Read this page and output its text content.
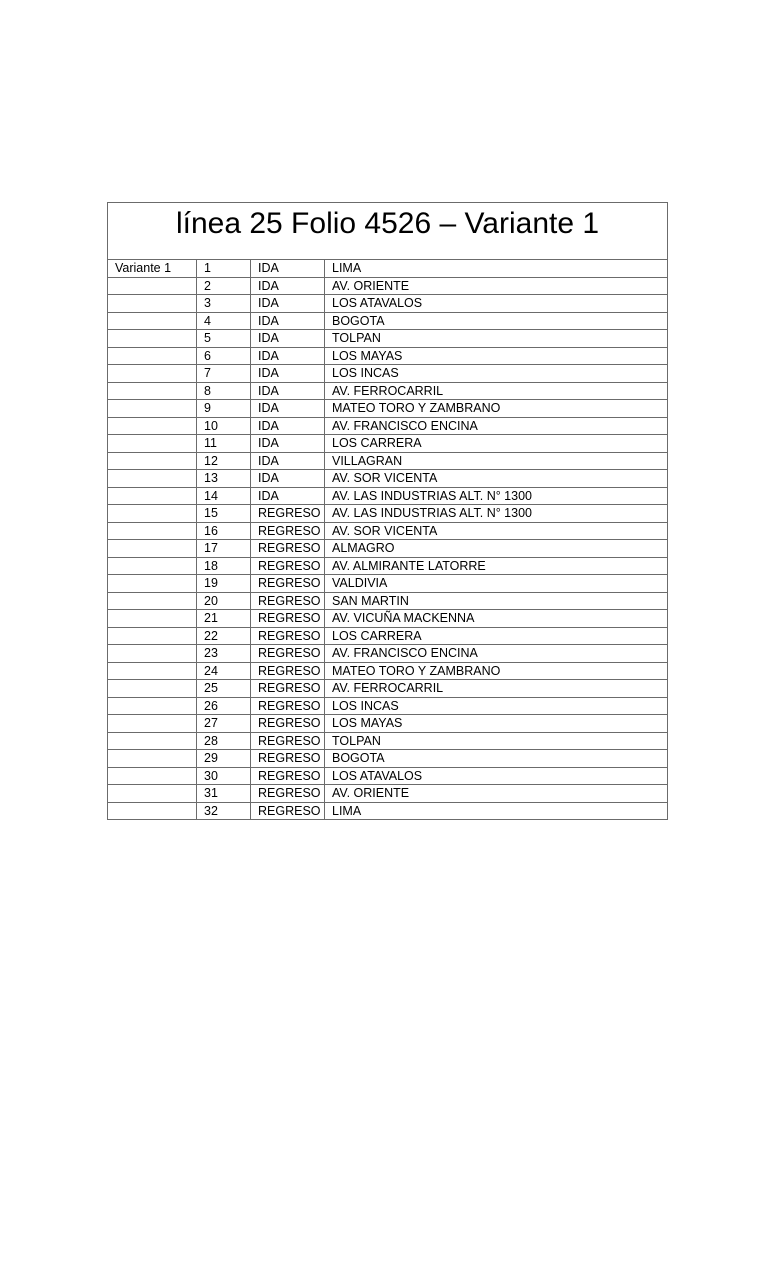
línea 25 Folio 4526 – Variante 1			

Variante 1	1	IDA	LIMA
	2	IDA	AV. ORIENTE
	3	IDA	LOS ATAVALOS
	4	IDA	BOGOTA
	5	IDA	TOLPAN
	6	IDA	LOS MAYAS
	7	IDA	LOS INCAS
	8	IDA	AV. FERROCARRIL
	9	IDA	MATEO TORO Y ZAMBRANO
	10	IDA	AV. FRANCISCO ENCINA
	11	IDA	LOS CARRERA
	12	IDA	VILLAGRAN
	13	IDA	AV. SOR VICENTA
	14	IDA	AV. LAS INDUSTRIAS ALT. N° 1300
	15	REGRESO	AV. LAS INDUSTRIAS ALT. N° 1300
	16	REGRESO	AV. SOR VICENTA
	17	REGRESO	ALMAGRO
	18	REGRESO	AV. ALMIRANTE LATORRE
	19	REGRESO	VALDIVIA
	20	REGRESO	SAN MARTIN
	21	REGRESO	AV. VICUÑA MACKENNA
	22	REGRESO	LOS CARRERA
	23	REGRESO	AV. FRANCISCO ENCINA
	24	REGRESO	MATEO TORO Y ZAMBRANO
	25	REGRESO	AV. FERROCARRIL
	26	REGRESO	LOS INCAS
	27	REGRESO	LOS MAYAS
	28	REGRESO	TOLPAN
	29	REGRESO	BOGOTA
	30	REGRESO	LOS ATAVALOS
	31	REGRESO	AV. ORIENTE
	32	REGRESO	LIMA
